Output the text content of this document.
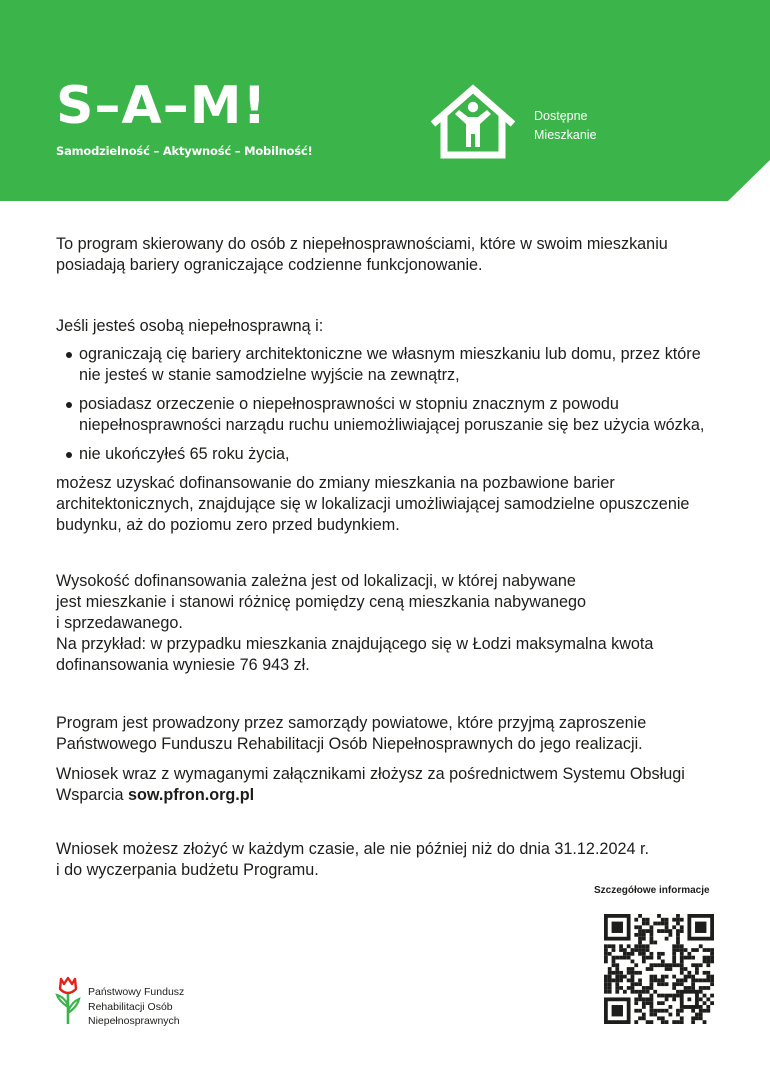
S–A–M!
Samodzielność – Aktywność – Mobilność!
Dostępne
Mieszkanie

To program skierowany do osób z niepełnosprawnościami, które w swoim mieszkaniu posiadają bariery ograniczające codzienne funkcjonowanie.

Jeśli jesteś osobą niepełnosprawną i:

ograniczają cię bariery architektoniczne we własnym mieszkaniu lub domu, przez które nie jesteś w stanie samodzielne wyjście na zewnątrz,
posiadasz orzeczenie o niepełnosprawności w stopniu znacznym z powodu niepełnosprawności narządu ruchu uniemożliwiającej poruszanie się bez użycia wózka,
nie ukończyłeś 65 roku życia,

możesz uzyskać dofinansowanie do zmiany mieszkania na pozbawione barier architektonicznych, znajdujące się w lokalizacji umożliwiającej samodzielne opuszczenie budynku, aż do poziomu zero przed budynkiem.

Wysokość dofinansowania zależna jest od lokalizacji, w której nabywane
jest mieszkanie i stanowi różnicę pomiędzy ceną mieszkania nabywanego
i sprzedawanego.

Na przykład: w przypadku mieszkania znajdującego się w Łodzi maksymalna kwota dofinansowania wyniesie 76 943 zł.

Program jest prowadzony przez samorządy powiatowe, które przyjmą zaproszenie Państwowego Funduszu Rehabilitacji Osób Niepełnosprawnych do jego realizacji.

Wniosek wraz z wymaganymi załącznikami złożysz za pośrednictwem Systemu Obsługi Wsparcia sow.pfron.org.pl

Wniosek możesz złożyć w każdym czasie, ale nie później niż do dnia 31.12.2024 r.
i do wyczerpania budżetu Programu.

Szczegółowe informacje
Państwowy Fundusz
Rehabilitacji Osób
Niepełnosprawnych
